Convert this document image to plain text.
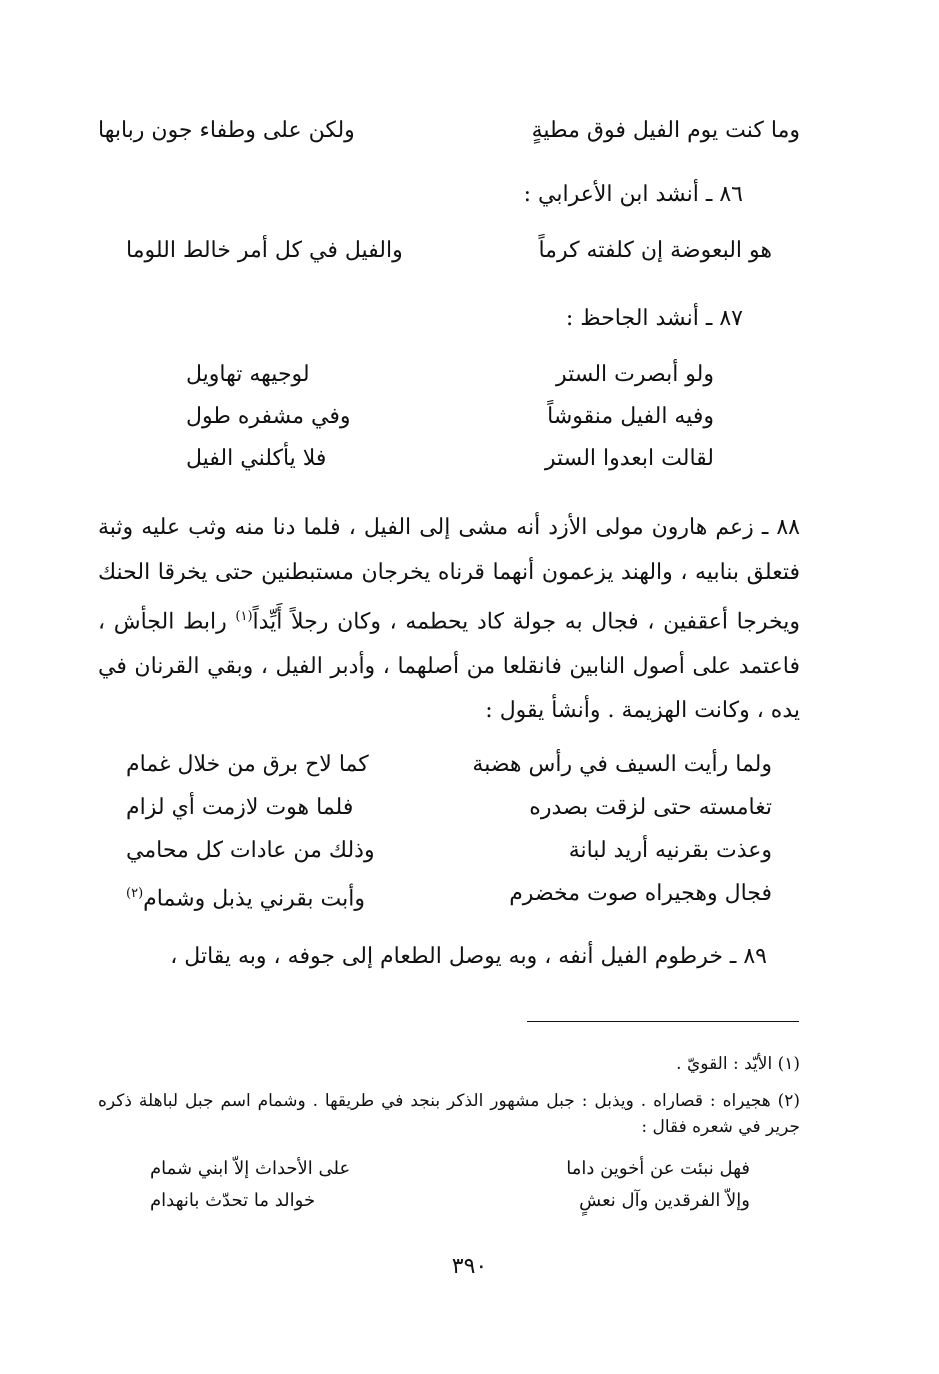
وما كنت يوم الفيل فوق مطيةٍ
ولكن على وطفاء جون ربابها
٨٦ ـ أنشد ابن الأعرابي :
هو البعوضة إن كلفته كرماً
والفيل في كل أمر خالط اللوما
٨٧ ـ أنشد الجاحظ :
ولو أبصرت الستر
لوجيهه تهاويل
وفيه الفيل منقوشاً
وفي مشفره طول
لقالت ابعدوا الستر
فلا يأكلني الفيل

٨٨ ـ زعم هارون مولى الأزد أنه مشى إلى الفيل ، فلما دنا منه وثب عليه وثبة فتعلق بنابيه ، والهند يزعمون أنهما قرناه يخرجان مستبطنين حتى يخرقا الحنك ويخرجا أعقفين ، فجال به جولة كاد يحطمه ، وكان رجلاً أَيِّداً$^{(١)}$ رابط الجأش ، فاعتمد على أصول النابين فانقلعا من أصلهما ، وأدبر الفيل ، وبقي القرنان في يده ، وكانت الهزيمة . وأنشأ يقول :

ولما رأيت السيف في رأس هضبة
كما لاح برق من خلال غمام
تغامسته حتى لزقت بصدره
فلما هوت لازمت أي لزام
وعذت بقرنيه أريد لبانة
وذلك من عادات كل محامي
فجال وهجيراه صوت مخضرم
وأبت بقرني يذبل وشمام$^{(٢)}$
٨٩ ـ خرطوم الفيل أنفه ، وبه يوصل الطعام إلى جوفه ، وبه يقاتل ،
(١) الأيّد : القويّ .
(٢) هجيراه : قصاراه . ويذبل : جبل مشهور الذكر بنجد في طريقها . وشمام اسم جبل لباهلة ذكره جرير في شعره فقال :
فهل نبئت عن أخوين داما
على الأحداث إلاّ ابني شمام
وإلاّ الفرقدين وآل نعشٍ
خوالد ما تحدّث بانهدام
٣٩٠
